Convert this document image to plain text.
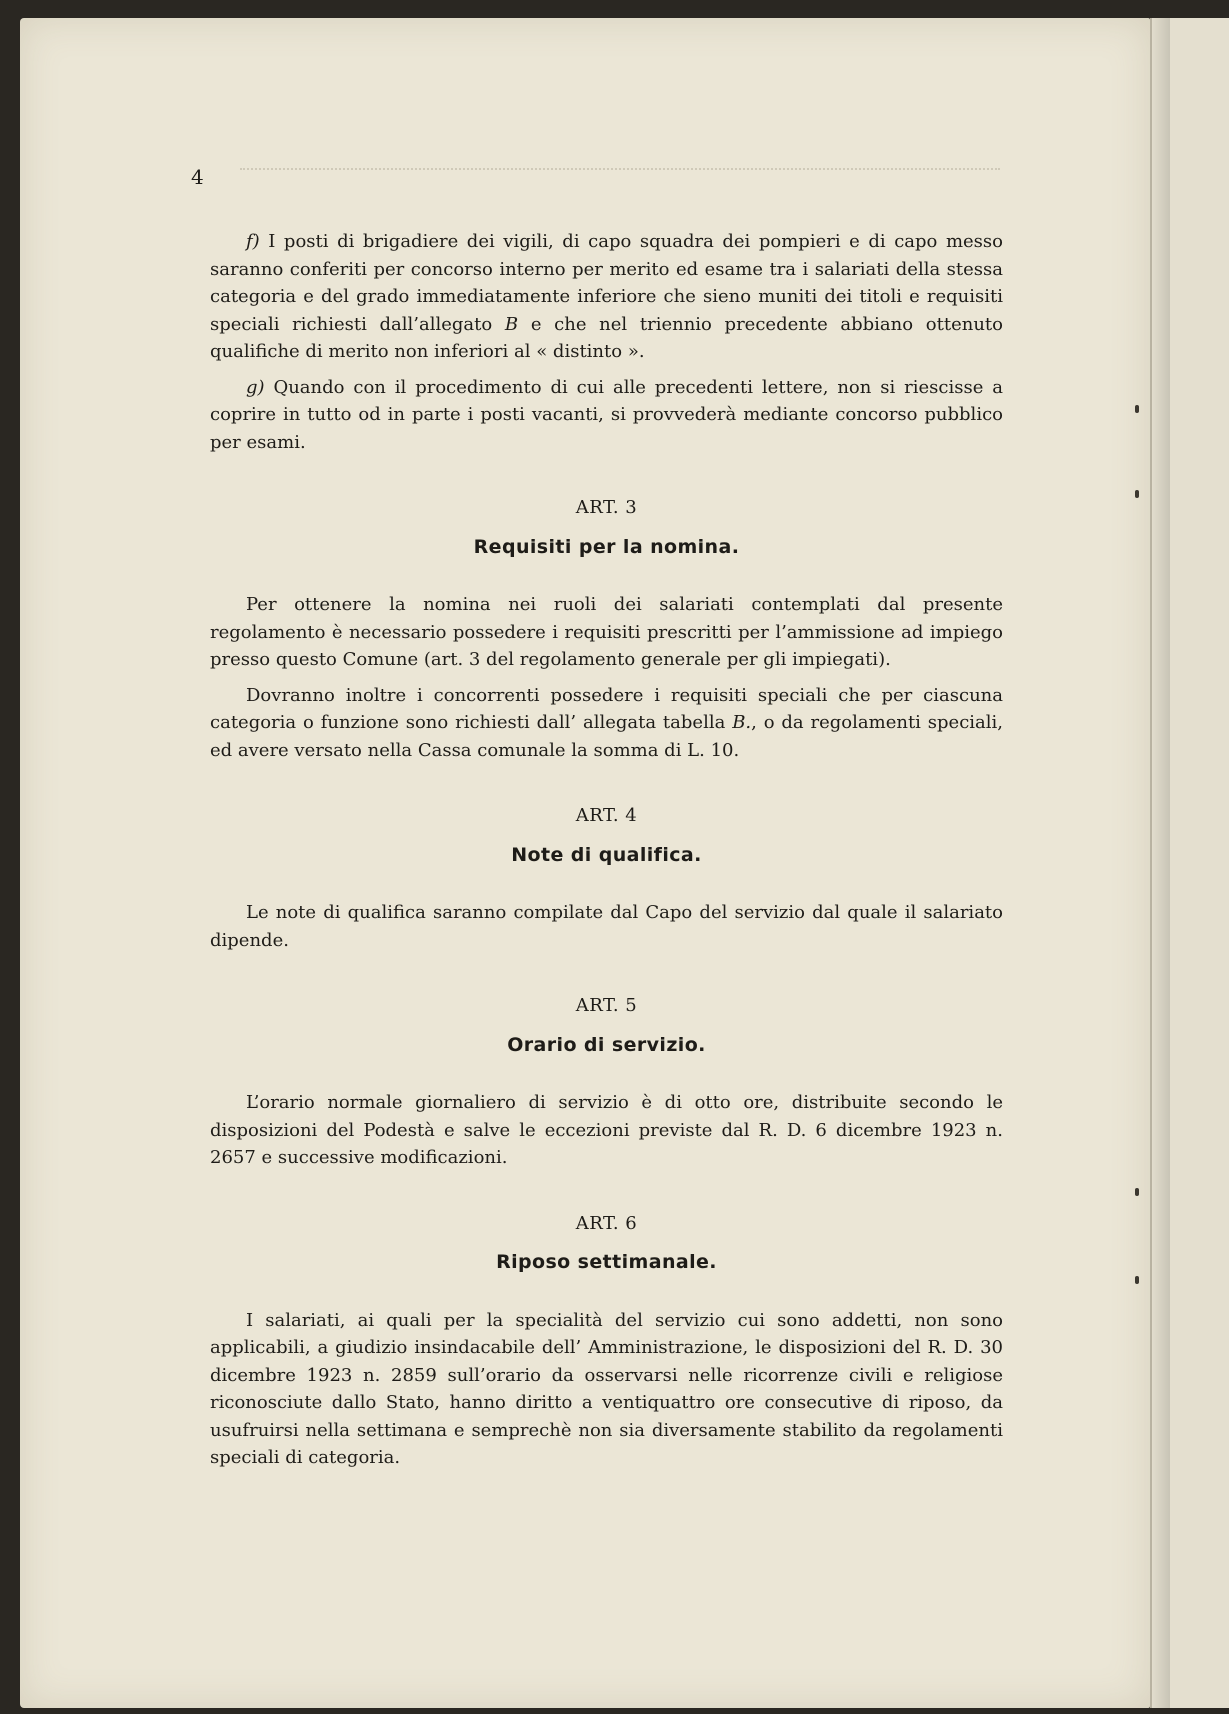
4

f) I posti di brigadiere dei vigili, di capo squadra dei pompieri e di capo messo saranno conferiti per concorso interno per merito ed esame tra i salariati della stessa categoria e del grado immediatamente inferiore che sieno muniti dei titoli e requisiti speciali richiesti dall’allegato B e che nel triennio precedente abbiano ottenuto qualifiche di merito non inferiori al « distinto ».

g) Quando con il procedimento di cui alle precedenti lettere, non si riescisse a coprire in tutto od in parte i posti vacanti, si provvederà mediante concorso pubblico per esami.

ART. 3
Requisiti per la nomina.

Per ottenere la nomina nei ruoli dei salariati contemplati dal presente regolamento è necessario possedere i requisiti prescritti per l’ammissione ad impiego presso questo Comune (art. 3 del regolamento generale per gli impiegati).

Dovranno inoltre i concorrenti possedere i requisiti speciali che per ciascuna categoria o funzione sono richiesti dall’ allegata tabella B., o da regolamenti speciali, ed avere versato nella Cassa comunale la somma di L. 10.

ART. 4
Note di qualifica.

Le note di qualifica saranno compilate dal Capo del servizio dal quale il salariato dipende.

ART. 5
Orario di servizio.

L’orario normale giornaliero di servizio è di otto ore, distribuite secondo le disposizioni del Podestà e salve le eccezioni previste dal R. D. 6 dicembre 1923 n. 2657 e successive modificazioni.

ART. 6
Riposo settimanale.

I salariati, ai quali per la specialità del servizio cui sono addetti, non sono applicabili, a giudizio insindacabile dell’ Amministrazione, le disposizioni del R. D. 30 dicembre 1923 n. 2859 sull’orario da osservarsi nelle ricorrenze civili e religiose riconosciute dallo Stato, hanno diritto a ventiquattro ore consecutive di riposo, da usufruirsi nella settimana e semprechè non sia diversamente stabilito da regolamenti speciali di categoria.
